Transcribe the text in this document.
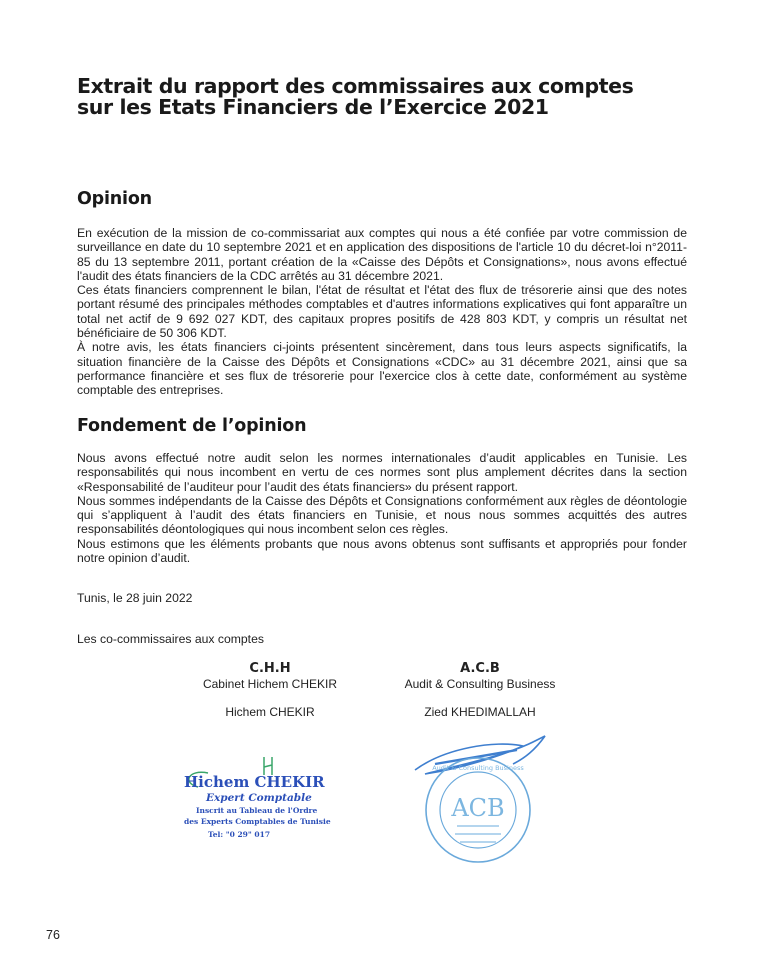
Extrait du rapport des commissaires aux comptes
sur les Etats Financiers de l’Exercice 2021
Opinion

En exécution de la mission de co-commissariat aux comptes qui nous a été confiée par votre commission de surveillance en date du 10 septembre 2021 et en application des dispositions de l'article 10 du décret-loi n°2011-85 du 13 septembre 2011, portant création de la «Caisse des Dépôts et Consignations», nous avons effectué l'audit des états financiers de la CDC arrêtés au 31 décembre 2021.

Ces états financiers comprennent le bilan, l'état de résultat et l'état des flux de trésorerie ainsi que des notes portant résumé des principales méthodes comptables et d'autres informations explicatives qui font apparaître un total net actif de 9 692 027 KDT, des capitaux propres positifs de 428 803 KDT, y compris un résultat net bénéficiaire de 50 306 KDT.

À notre avis, les états financiers ci-joints présentent sincèrement, dans tous leurs aspects significatifs, la situation financière de la Caisse des Dépôts et Consignations «CDC» au 31 décembre 2021, ainsi que sa performance financière et ses flux de trésorerie pour l'exercice clos à cette date, conformément au système comptable des entreprises.

Fondement de l’opinion

Nous avons effectué notre audit selon les normes internationales d’audit applicables en Tunisie. Les responsabilités qui nous incombent en vertu de ces normes sont plus amplement décrites dans la section «Responsabilité de l’auditeur pour l’audit des états financiers» du présent rapport.

Nous sommes indépendants de la Caisse des Dépôts et Consignations conformément aux règles de déontologie qui s’appliquent à l’audit des états financiers en Tunisie, et nous nous sommes acquittés des autres responsabilités déontologiques qui nous incombent selon ces règles.

Nous estimons que les éléments probants que nous avons obtenus sont suffisants et appropriés pour fonder notre opinion d’audit.

Tunis, le 28 juin 2022

Les co-commissaires aux comptes

C.H.H
Cabinet Hichem CHEKIR
Hichem CHEKIR
A.C.B
Audit & Consulting Business
Zied KHEDIMALLAH
Hichem CHEKIR
Expert Comptable
Inscrit au Tableau de l'Ordre
des Experts Comptables de Tunisie
Tel: "0 29" 017
ACB
Audit & Consulting Business
76
